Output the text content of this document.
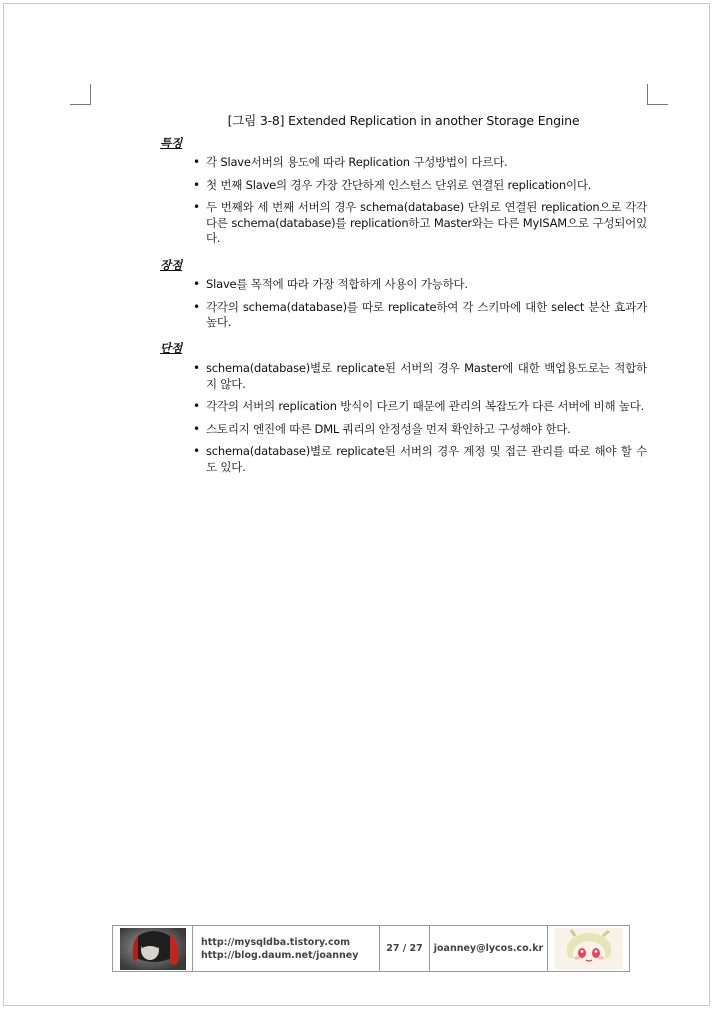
[그림 3-8] Extended Replication in another Storage Engine
특징
• 각 Slave서버의 용도에 따라 Replication 구성방법이 다르다.
• 첫 번째 Slave의 경우 가장 간단하게 인스턴스 단위로 연결된 replication이다.
• 두 번째와 세 번째 서버의 경우 schema(database) 단위로 연결된 replication으로 각각 다른 schema(database)를 replication하고 Master와는 다른 MyISAM으로 구성되어있다.
장점
• Slave를 목적에 따라 가장 적합하게 사용이 가능하다.
• 각각의 schema(database)를 따로 replicate하여 각 스키마에 대한 select 분산 효과가 높다.
단점
• schema(database)별로 replicate된 서버의 경우 Master에 대한 백업용도로는 적합하지 않다.
• 각각의 서버의 replication 방식이 다르기 때문에 관리의 복잡도가 다른 서버에 비해 높다.
• 스토리지 엔진에 따른 DML 쿼리의 안정성을 먼저 확인하고 구성해야 한다.
• schema(database)별로 replicate된 서버의 경우 계정 및 접근 관리를 따로 해야 할 수도 있다.
http://mysqldba.tistory.com
http://blog.daum.net/joanney
27 / 27	joanney@lycos.co.kr
